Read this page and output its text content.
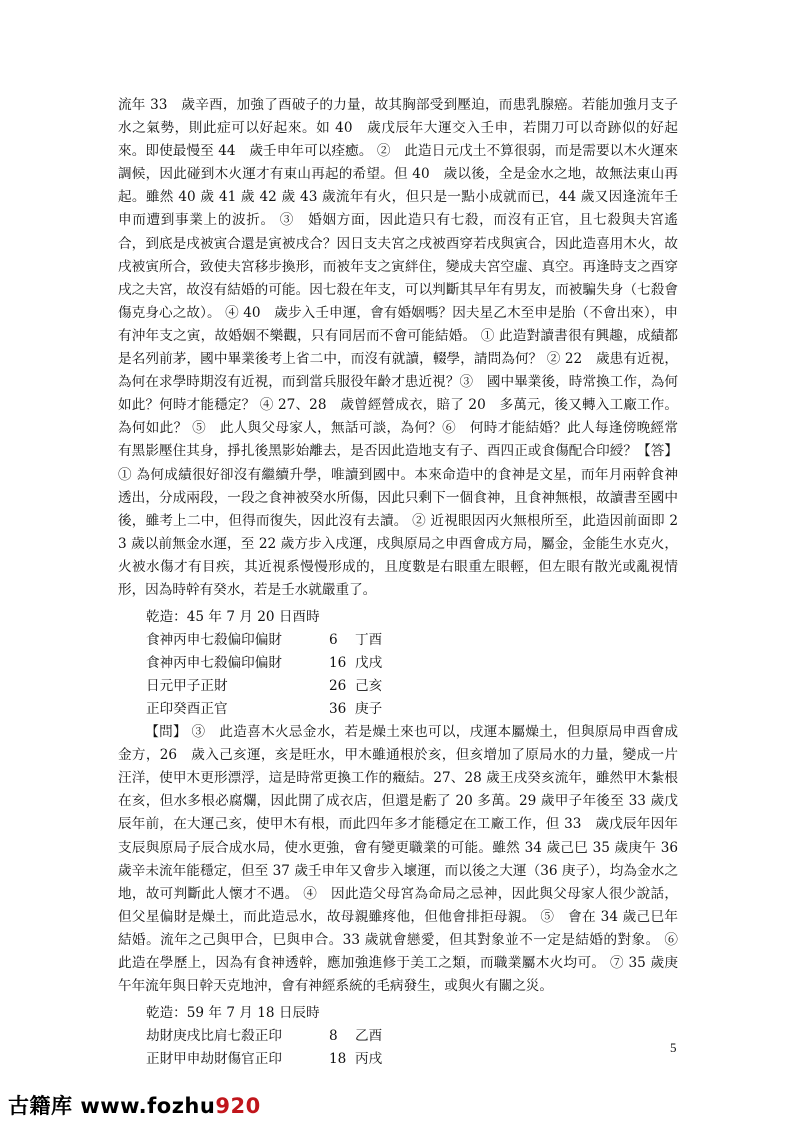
流年 33　歲辛酉，加強了酉破子的力量，故其胸部受到壓迫，而患乳腺癌。若能加強月支子水之氣勢，則此症可以好起來。如 40　歲戊辰年大運交入壬申，若開刀可以奇跡似的好起來。即使最慢至 44　歲壬申年可以痊癒。 ②　此造日元戊土不算很弱，而是需要以木火運來調候，因此碰到木火運才有東山再起的希望。但 40　歲以後，全是金水之地，故無法東山再起。雖然 40 歲 41 歲 42 歲 43 歲流年有火，但只是一點小成就而已，44 歲又因逢流年壬申而遭到事業上的波折。 ③　婚姻方面，因此造只有七殺，而沒有正官，且七殺與夫宮遙合，到底是戌被寅合還是寅被戌合？因日支夫宮之戌被酉穿若戌與寅合，因此造喜用木火，故戌被寅所合，致使夫宮移步換形，而被年支之寅絆住，變成夫宮空虛、真空。再逢時支之酉穿戌之夫宮，故沒有結婚的可能。因七殺在年支，可以判斷其早年有男友，而被騙失身（七殺會傷克身心之故）。 ④ 40　歲步入壬申運，會有婚姻嗎？因夫星乙木至申是胎（不會出來），申有沖年支之寅，故婚姻不樂觀，只有同居而不會可能結婚。 ① 此造對讀書很有興趣，成績都是名列前茅，國中畢業後考上省二中，而沒有就讀，輟學，請問為何？ ② 22　歲患有近視，為何在求學時期沒有近視，而到當兵服役年齡才患近視？③　國中畢業後，時常換工作，為何如此？何時才能穩定？ ④ 27、28　歲曾經營成衣，賠了 20　多萬元，後又轉入工廠工作。為何如此？ ⑤　此人與父母家人，無話可談，為何？⑥　何時才能結婚？此人每逢傍晚經常有黑影壓住其身，掙扎後黑影始離去，是否因此造地支有子、酉四正或食傷配合印綬？【答】① 為何成績很好卻沒有繼續升學，唯讀到國中。本來命造中的食神是文星，而年月兩幹食神透出，分成兩段，一段之食神被癸水所傷，因此只剩下一個食神，且食神無根，故讀書至國中後，雖考上二中，但得而復失，因此沒有去讀。 ② 近視眼因丙火無根所至，此造因前面即 23 歲以前無金水運，至 22 歲方步入戌運，戌與原局之申酉會成方局，屬金，金能生水克火，火被水傷才有目疾，其近視系慢慢形成的，且度數是右眼重左眼輕，但左眼有散光或亂視情形，因為時幹有癸水，若是壬水就嚴重了。

乾造：45 年 7 月 20 日酉時
食神丙申七殺偏印偏財	6	丁酉
食神丙申七殺偏印偏財	16 戊戌
日元甲子正財	26 己亥
正印癸酉正官	36 庚子

【問】 ③　此造喜木火忌金水，若是燥土來也可以，戌運本屬燥土，但與原局申酉會成金方，26　歲入己亥運，亥是旺水，甲木雖通根於亥，但亥增加了原局水的力量，變成一片汪洋，使甲木更形漂浮，這是時常更換工作的癥結。27、28 歲王戌癸亥流年，雖然甲木紮根在亥，但水多根必腐爛，因此開了成衣店，但還是虧了 20 多萬。29 歲甲子年後至 33 歲戊辰年前，在大運己亥，使甲木有根，而此四年多才能穩定在工廠工作，但 33　歲戊辰年因年支辰與原局子辰合成水局，使水更強，會有變更職業的可能。雖然 34 歲己巳 35 歲庚午 36 歲辛未流年能穩定，但至 37 歲壬申年又會步入壞運，而以後之大運（36 庚子），均為金水之地，故可判斷此人懷才不遇。 ④　因此造父母宮為命局之忌神，因此與父母家人很少說話，但父星偏財是燥土，而此造忌水，故母親雖疼他，但他會排拒母親。 ⑤　會在 34 歲己巳年結婚。流年之己與甲合，巳與申合。33 歲就會戀愛，但其對象並不一定是結婚的對象。 ⑥　此造在學歷上，因為有食神透幹，應加強進修于美工之類，而職業屬木火均可。 ⑦ 35 歲庚午年流年與日幹天克地沖，會有神經系統的毛病發生，或與火有關之災。

乾造：59 年 7 月 18 日辰時
劫財庚戌比肩七殺正印	8	乙酉
正財甲申劫財傷官正印	18 丙戌
5
古籍库 www.fozhu920
